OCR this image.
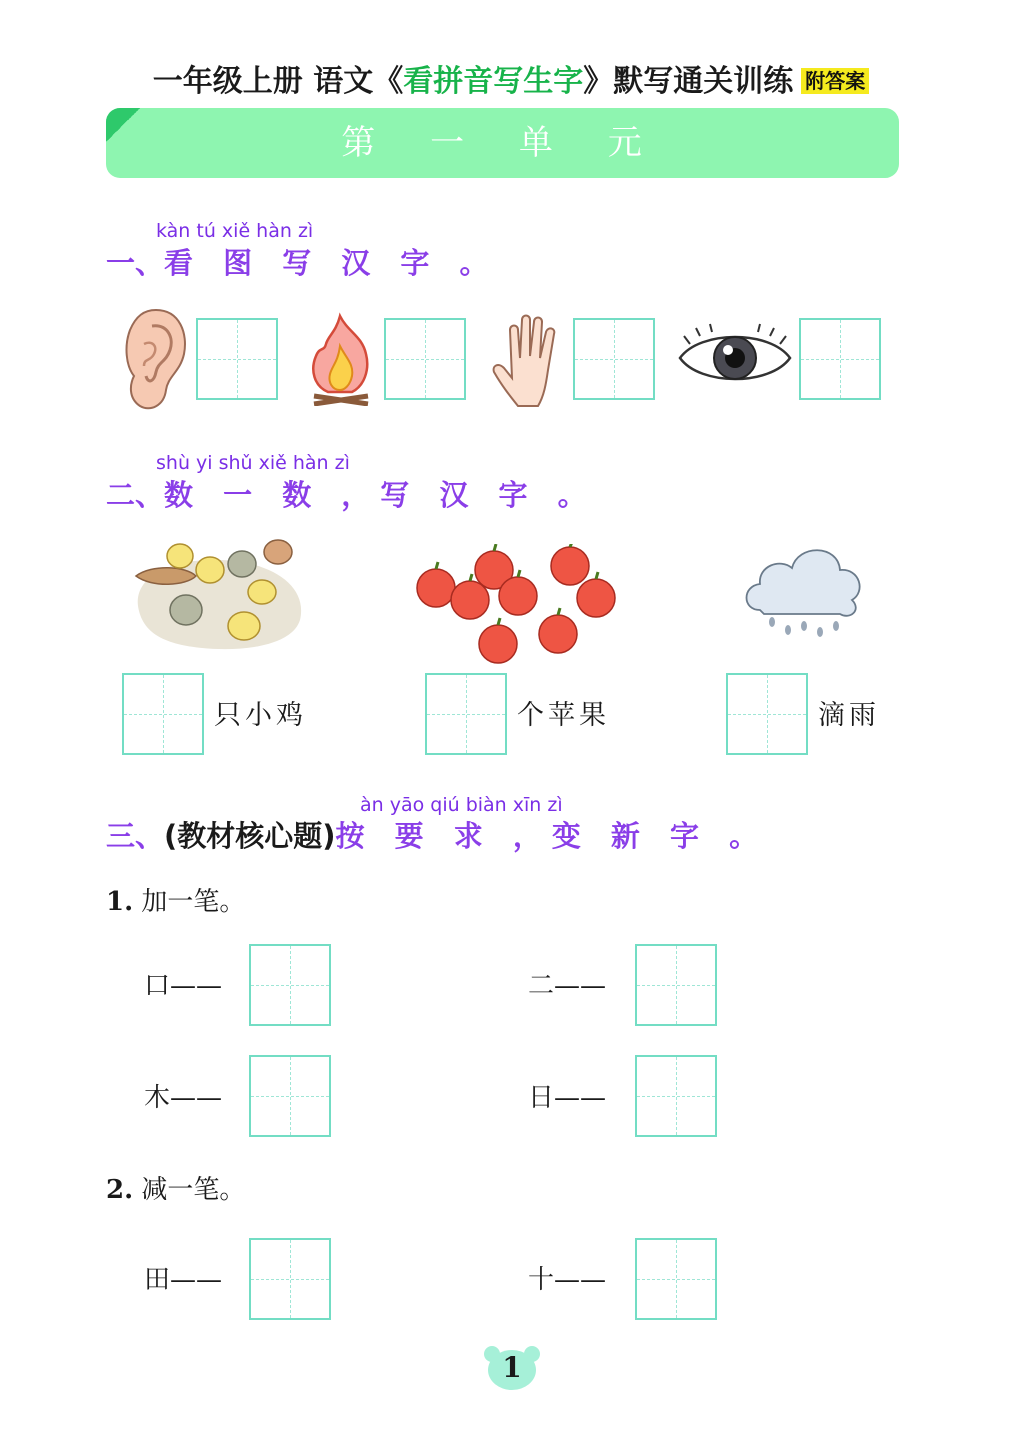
一年级上册 语文《看拼音写生字》默写通关训练 附答案
第 一 单 元
kàn tú xiě hàn zì
一、看 图 写 汉 字 。
shù yi shǔ xiě hàn zì
二、数 一 数 ，写 汉 字 。
只小鸡	个苹果	滴雨
àn yāo qiú biàn xīn zì
三、(教材核心题)按 要 求 ，变 新 字 。
1. 加一笔。
口——	二——
木——	日——
2. 减一笔。
田——	十——
1
